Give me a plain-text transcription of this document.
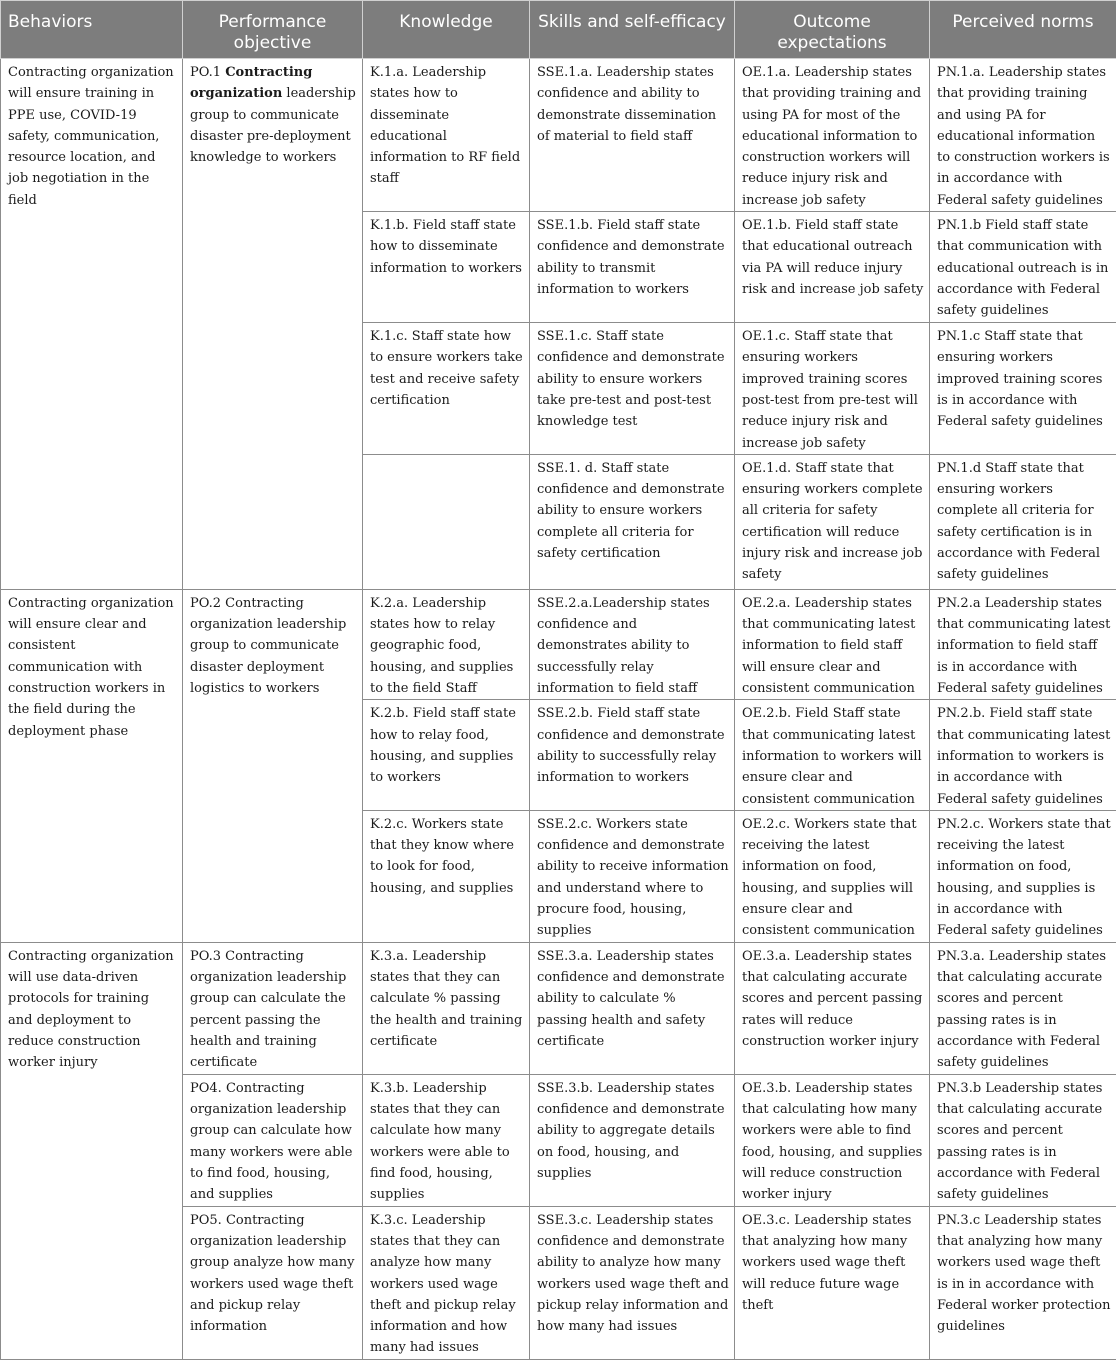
Behaviors	Performance objective	Knowledge	Skills and self-efficacy	Outcome expectations	Perceived norms
Contracting organization will ensure training in PPE use, COVID-19 safety, communication, resource location, and job negotiation in the field	PO.1 Contracting organization leadership group to communicate disaster pre-deployment knowledge to workers	K.1.a. Leadership states how to disseminate educational information to RF field staff	SSE.1.a. Leadership states confidence and ability to demonstrate dissemination of material to field staff	OE.1.a. Leadership states that providing training and using PA for most of the educational information to construction workers will reduce injury risk and increase job safety	PN.1.a. Leadership states that providing training and using PA for educational information to construction workers is in accordance with Federal safety guidelines
		K.1.b. Field staff state how to disseminate information to workers	SSE.1.b. Field staff state confidence and demonstrate ability to transmit information to workers	OE.1.b. Field staff state that educational outreach via PA will reduce injury risk and increase job safety	PN.1.b Field staff state that communication with educational outreach is in accordance with Federal safety guidelines
		K.1.c. Staff state how to ensure workers take test and receive safety certification	SSE.1.c. Staff state confidence and demonstrate ability to ensure workers take pre-test and post-test knowledge test	OE.1.c. Staff state that ensuring workers improved training scores post-test from pre-test will reduce injury risk and increase job safety	PN.1.c Staff state that ensuring workers improved training scores is in accordance with Federal safety guidelines
			SSE.1. d. Staff state confidence and demonstrate ability to ensure workers complete all criteria for safety certification	OE.1.d. Staff state that ensuring workers complete all criteria for safety certification will reduce injury risk and increase job safety	PN.1.d Staff state that ensuring workers complete all criteria for safety certification is in accordance with Federal safety guidelines
Contracting organization will ensure clear and consistent communication with construction workers in the field during the deployment phase	PO.2 Contracting organization leadership group to communicate disaster deployment logistics to workers	K.2.a. Leadership states how to relay geographic food, housing, and supplies to the field Staff	SSE.2.a.Leadership states confidence and demonstrates ability to successfully relay information to field staff	OE.2.a. Leadership states that communicating latest information to field staff will ensure clear and consistent communication	PN.2.a Leadership states that communicating latest information to field staff is in accordance with Federal safety guidelines
		K.2.b. Field staff state how to relay food, housing, and supplies to workers	SSE.2.b. Field staff state confidence and demonstrate ability to successfully relay information to workers	OE.2.b. Field Staff state that communicating latest information to workers will ensure clear and consistent communication	PN.2.b. Field staff state that communicating latest information to workers is in accordance with Federal safety guidelines
		K.2.c. Workers state that they know where to look for food, housing, and supplies	SSE.2.c. Workers state confidence and demonstrate ability to receive information and understand where to procure food, housing, supplies	OE.2.c. Workers state that receiving the latest information on food, housing, and supplies will ensure clear and consistent communication	PN.2.c. Workers state that receiving the latest information on food, housing, and supplies is in accordance with Federal safety guidelines
Contracting organization will use data-driven protocols for training and deployment to reduce construction worker injury	PO.3 Contracting organization leadership group can calculate the percent passing the health and training certificate	K.3.a. Leadership states that they can calculate % passing the health and training certificate	SSE.3.a. Leadership states confidence and demonstrate ability to calculate % passing health and safety certificate	OE.3.a. Leadership states that calculating accurate scores and percent passing rates will reduce construction worker injury	PN.3.a. Leadership states that calculating accurate scores and percent passing rates is in accordance with Federal safety guidelines
	PO4. Contracting organization leadership group can calculate how many workers were able to find food, housing, and supplies	K.3.b. Leadership states that they can calculate how many workers were able to find food, housing, supplies	SSE.3.b. Leadership states confidence and demonstrate ability to aggregate details on food, housing, and supplies	OE.3.b. Leadership states that calculating how many workers were able to find food, housing, and supplies will reduce construction worker injury	PN.3.b Leadership states that calculating accurate scores and percent passing rates is in accordance with Federal safety guidelines
	PO5. Contracting organization leadership group analyze how many workers used wage theft and pickup relay information	K.3.c. Leadership states that they can analyze how many workers used wage theft and pickup relay information and how many had issues	SSE.3.c. Leadership states confidence and demonstrate ability to analyze how many workers used wage theft and pickup relay information and how many had issues	OE.3.c. Leadership states that analyzing how many workers used wage theft will reduce future wage theft	PN.3.c Leadership states that analyzing how many workers used wage theft is in in accordance with Federal worker protection guidelines
